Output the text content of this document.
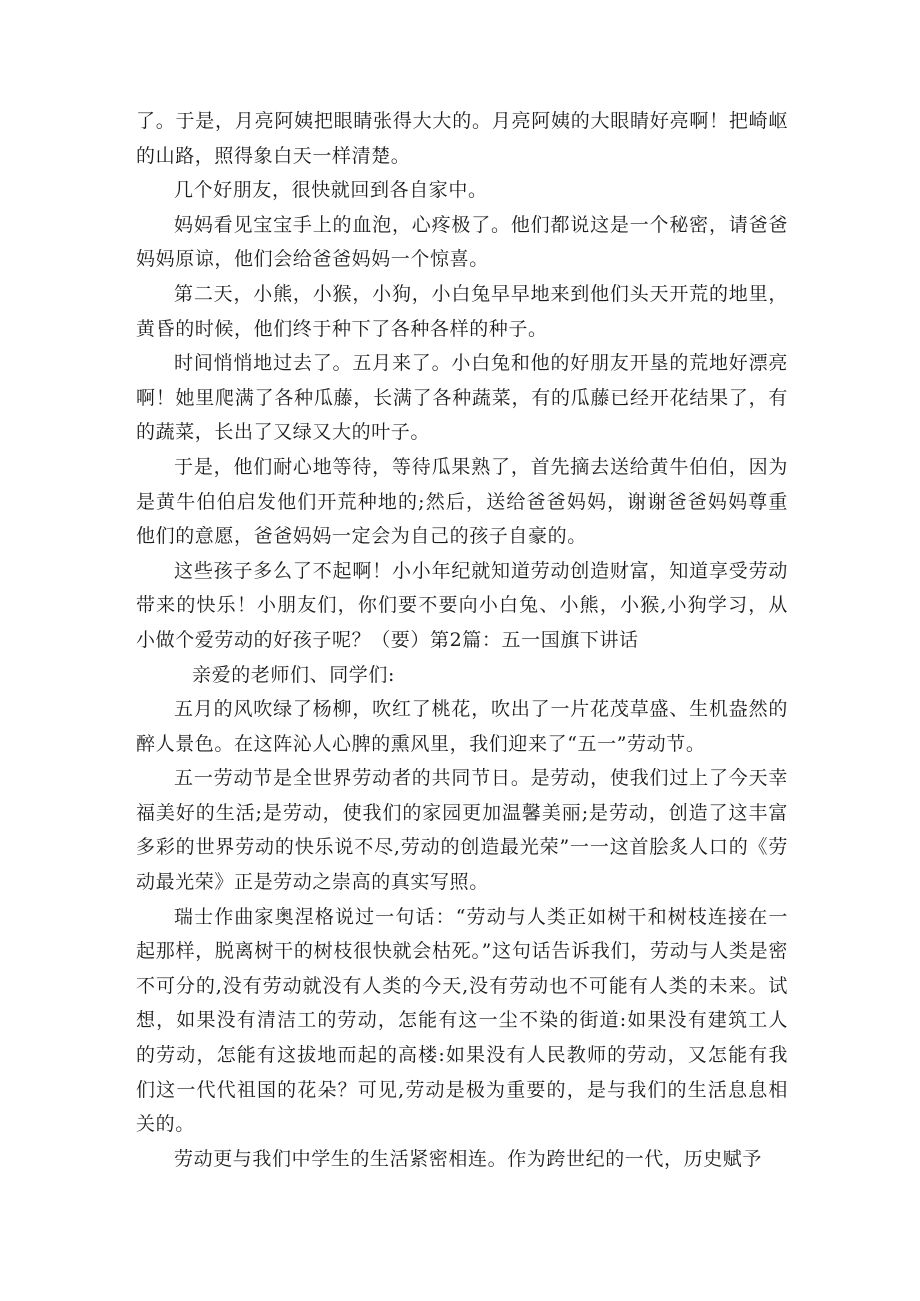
了。于是，月亮阿姨把眼睛张得大大的。月亮阿姨的大眼睛好亮啊！把崎岖的山路，照得象白天一样清楚。

几个好朋友，很快就回到各自家中。

妈妈看见宝宝手上的血泡，心疼极了。他们都说这是一个秘密，请爸爸妈妈原谅，他们会给爸爸妈妈一个惊喜。

第二天，小熊，小猴，小狗，小白兔早早地来到他们头天开荒的地里，黄昏的时候，他们终于种下了各种各样的种子。

时间悄悄地过去了。五月来了。小白兔和他的好朋友开垦的荒地好漂亮啊！她里爬满了各种瓜藤，长满了各种蔬菜，有的瓜藤已经开花结果了，有的蔬菜，长出了又绿又大的叶子。

于是，他们耐心地等待，等待瓜果熟了，首先摘去送给黄牛伯伯，因为是黄牛伯伯启发他们开荒种地的;然后，送给爸爸妈妈，谢谢爸爸妈妈尊重他们的意愿，爸爸妈妈一定会为自己的孩子自豪的。

这些孩子多么了不起啊！小小年纪就知道劳动创造财富，知道享受劳动带来的快乐！小朋友们，你们要不要向小白兔、小熊，小猴,小狗学习，从小做个爱劳动的好孩子呢？（要）第2篇：五一国旗下讲话

亲爱的老师们、同学们:

五月的风吹绿了杨柳，吹红了桃花，吹出了一片花茂草盛、生机盎然的醉人景色。在这阵沁人心脾的熏风里，我们迎来了“五一”劳动节。

五一劳动节是全世界劳动者的共同节日。是劳动，使我们过上了今天幸福美好的生活;是劳动，使我们的家园更加温馨美丽;是劳动，创造了这丰富多彩的世界劳动的快乐说不尽,劳动的创造最光荣”一一这首脍炙人口的《劳动最光荣》正是劳动之崇高的真实写照。

瑞士作曲家奥涅格说过一句话：“劳动与人类正如树干和树枝连接在一起那样，脱离树干的树枝很快就会枯死。”这句话告诉我们，劳动与人类是密不可分的,没有劳动就没有人类的今天,没有劳动也不可能有人类的未来。试想，如果没有清洁工的劳动，怎能有这一尘不染的街道:如果没有建筑工人的劳动，怎能有这拔地而起的高楼:如果没有人民教师的劳动，又怎能有我们这一代代祖国的花朵？可见,劳动是极为重要的，是与我们的生活息息相关的。

劳动更与我们中学生的生活紧密相连。作为跨世纪的一代，历史赋予
